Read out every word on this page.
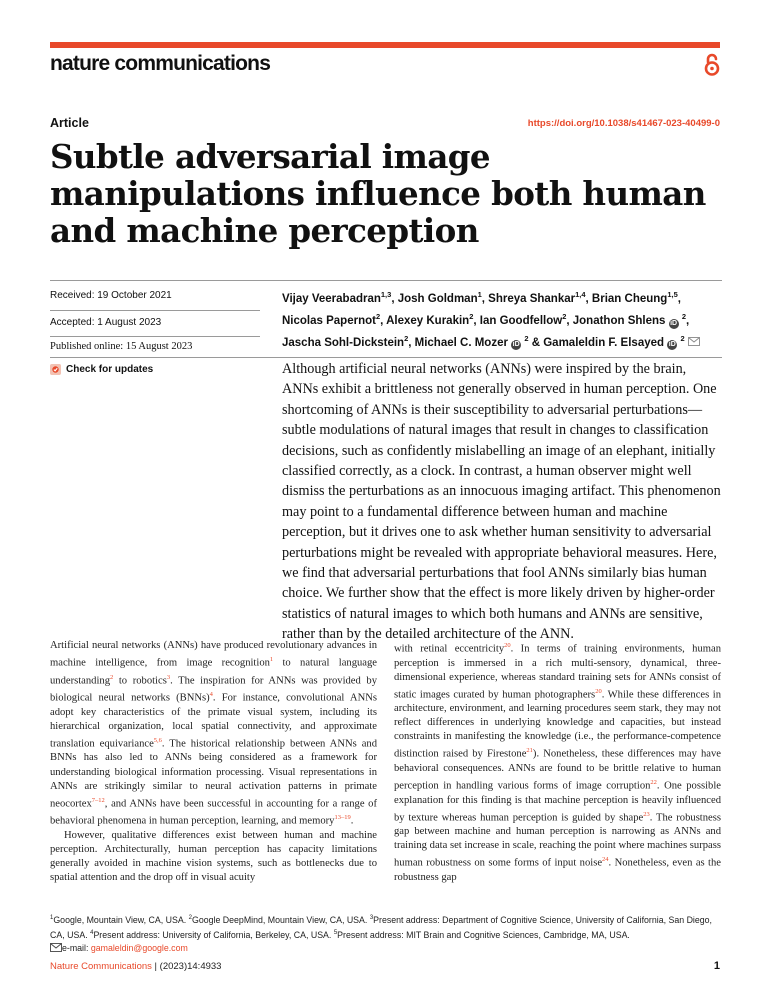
nature communications
Article	https://doi.org/10.1038/s41467-023-40499-0
Subtle adversarial image manipulations influence both human and machine perception
Received: 19 October 2021
Accepted: 1 August 2023
Published online: 15 August 2023
Check for updates
Vijay Veerabadran$^{1,3}$, Josh Goldman$^1$, Shreya Shankar$^{1,4}$, Brian Cheung$^{1,5}$, Nicolas Papernot$^2$, Alexey Kurakin$^2$, Ian Goodfellow$^2$, Jonathon Shlens iD $^2$, Jascha Sohl-Dickstein$^2$, Michael C. Mozer iD $^2$ & Gamaleldin F. Elsayed iD $^2$
Although artificial neural networks (ANNs) were inspired by the brain, ANNs exhibit a brittleness not generally observed in human perception. One shortcoming of ANNs is their susceptibility to adversarial perturbations—subtle modulations of natural images that result in changes to classification decisions, such as confidently mislabelling an image of an elephant, initially classified correctly, as a clock. In contrast, a human observer might well dismiss the perturbations as an innocuous imaging artifact. This phenomenon may point to a fundamental difference between human and machine perception, but it drives one to ask whether human sensitivity to adversarial perturbations might be revealed with appropriate behavioral measures. Here, we find that adversarial perturbations that fool ANNs similarly bias human choice. We further show that the effect is more likely driven by higher-order statistics of natural images to which both humans and ANNs are sensitive, rather than by the detailed architecture of the ANN.

Artificial neural networks (ANNs) have produced revolutionary advances in machine intelligence, from image recognition$^1$ to natural language understanding$^2$ to robotics$^3$. The inspiration for ANNs was provided by biological neural networks (BNNs)$^4$. For instance, convolutional ANNs adopt key characteristics of the primate visual system, including its hierarchical organization, local spatial connectivity, and approximate translation equivariance$^{5,6}$. The historical relationship between ANNs and BNNs has also led to ANNs being considered as a framework for understanding biological information processing. Visual representations in ANNs are strikingly similar to neural activation patterns in primate neocortex$^{7-12}$, and ANNs have been successful in accounting for a range of behavioral phenomena in human perception, learning, and memory$^{13-19}$.

However, qualitative differences exist between human and machine perception. Architecturally, human perception has capacity limitations generally avoided in machine vision systems, such as bottlenecks due to spatial attention and the drop off in visual acuity

with retinal eccentricity$^{20}$. In terms of training environments, human perception is immersed in a rich multi-sensory, dynamical, three-dimensional experience, whereas standard training sets for ANNs consist of static images curated by human photographers$^{20}$. While these differences in architecture, environment, and learning procedures seem stark, they may not reflect differences in underlying knowledge and capacities, but instead constraints in manifesting the knowledge (i.e., the performance-competence distinction raised by Firestone$^{21}$). Nonetheless, these differences may have behavioral consequences. ANNs are found to be brittle relative to human perception in handling various forms of image corruption$^{22}$. One possible explanation for this finding is that machine perception is heavily influenced by texture whereas human perception is guided by shape$^{23}$. The robustness gap between machine and human perception is narrowing as ANNs and training data set increase in scale, reaching the point where machines surpass human robustness on some forms of input noise$^{24}$. Nonetheless, even as the robustness gap

$^1$Google, Mountain View, CA, USA. $^2$Google DeepMind, Mountain View, CA, USA. $^3$Present address: Department of Cognitive Science, University of California, San Diego, CA, USA. $^4$Present address: University of California, Berkeley, CA, USA. $^5$Present address: MIT Brain and Cognitive Sciences, Cambridge, MA, USA.
e-mail: gamaleldin@google.com
Nature Communications | (2023)14:4933	1
